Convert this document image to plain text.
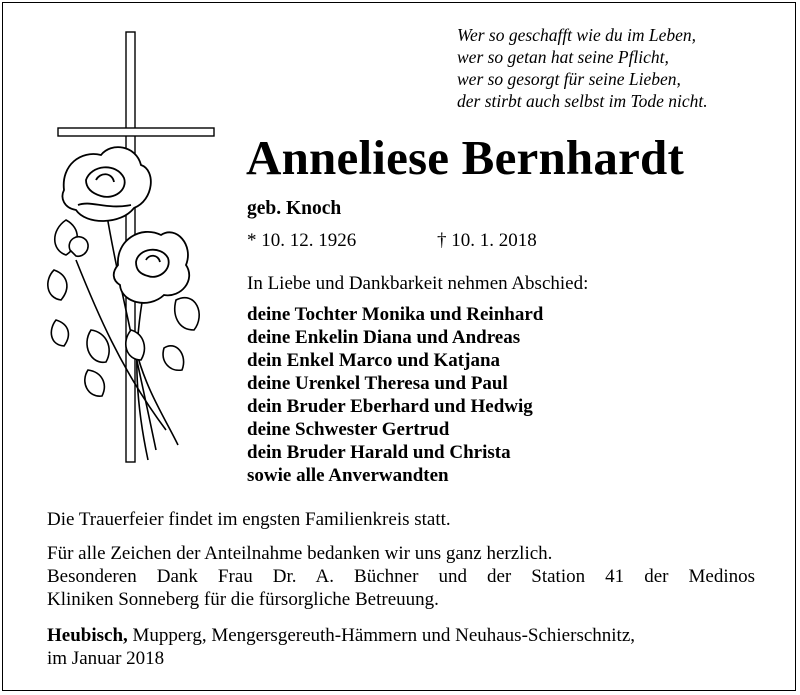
Wer so geschafft wie du im Leben,
wer so getan hat seine Pflicht,
wer so gesorgt für seine Lieben,
der stirbt auch selbst im Tode nicht.
Anneliese Bernhardt
geb. Knoch
* 10. 12. 1926	† 10. 1. 2018
In Liebe und Dankbarkeit nehmen Abschied:
deine Tochter Monika und Reinhard
deine Enkelin Diana und Andreas
dein Enkel Marco und Katjana
deine Urenkel Theresa und Paul
dein Bruder Eberhard und Hedwig
deine Schwester Gertrud
dein Bruder Harald und Christa
sowie alle Anverwandten
Die Trauerfeier findet im engsten Familienkreis statt.
Für alle Zeichen der Anteilnahme bedanken wir uns ganz herzlich.
Besonderen Dank Frau Dr. A. Büchner und der Station 41 der Medinos
Kliniken Sonneberg für die fürsorgliche Betreuung.
Heubisch, Mupperg, Mengersgereuth-Hämmern und Neuhaus-Schierschnitz,
im Januar 2018
